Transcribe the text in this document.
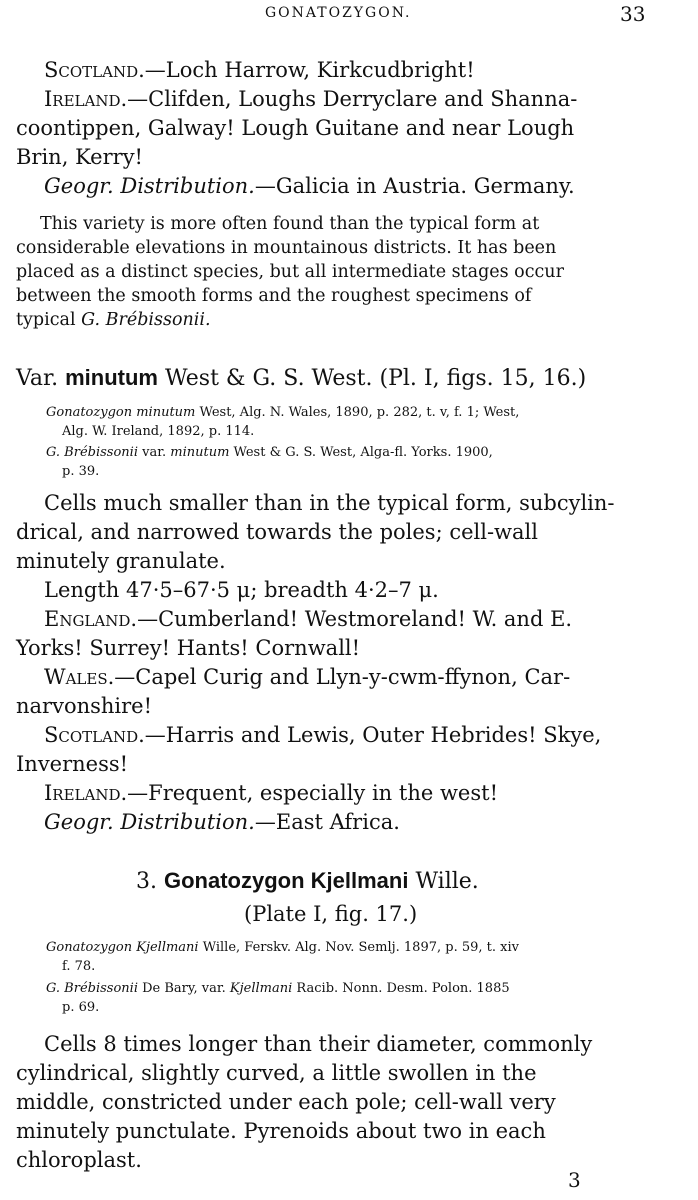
GONATOZYGON.	33
Scotland.—Loch Harrow, Kirkcudbright!
Ireland.—Clifden, Loughs Derryclare and Shanna-
coontippen, Galway! Lough Guitane and near Lough
Brin, Kerry!
Geogr. Distribution.—Galicia in Austria. Germany.
This variety is more often found than the typical form at
considerable elevations in mountainous districts. It has been
placed as a distinct species, but all intermediate stages occur
between the smooth forms and the roughest specimens of
typical G. Brébissonii.
Var. minutum West & G. S. West. (Pl. I, figs. 15, 16.)
Gonatozygon minutum West, Alg. N. Wales, 1890, p. 282, t. v, f. 1; West,
Alg. W. Ireland, 1892, p. 114.
G. Brébissonii var. minutum West & G. S. West, Alga-fl. Yorks. 1900,
p. 39.
Cells much smaller than in the typical form, subcylin-
drical, and narrowed towards the poles; cell-wall
minutely granulate.
Length 47·5–67·5 μ; breadth 4·2–7 μ.
England.—Cumberland! Westmoreland! W. and E.
Yorks! Surrey! Hants! Cornwall!
Wales.—Capel Curig and Llyn-y-cwm-ffynon, Car-
narvonshire!
Scotland.—Harris and Lewis, Outer Hebrides! Skye,
Inverness!
Ireland.—Frequent, especially in the west!
Geogr. Distribution.—East Africa.
3. Gonatozygon Kjellmani Wille.
(Plate I, fig. 17.)
Gonatozygon Kjellmani Wille, Ferskv. Alg. Nov. Semlj. 1897, p. 59, t. xiv
f. 78.
G. Brébissonii De Bary, var. Kjellmani Racib. Nonn. Desm. Polon. 1885
p. 69.
Cells 8 times longer than their diameter, commonly
cylindrical, slightly curved, a little swollen in the
middle, constricted under each pole; cell-wall very
minutely punctulate. Pyrenoids about two in each
chloroplast.
3
